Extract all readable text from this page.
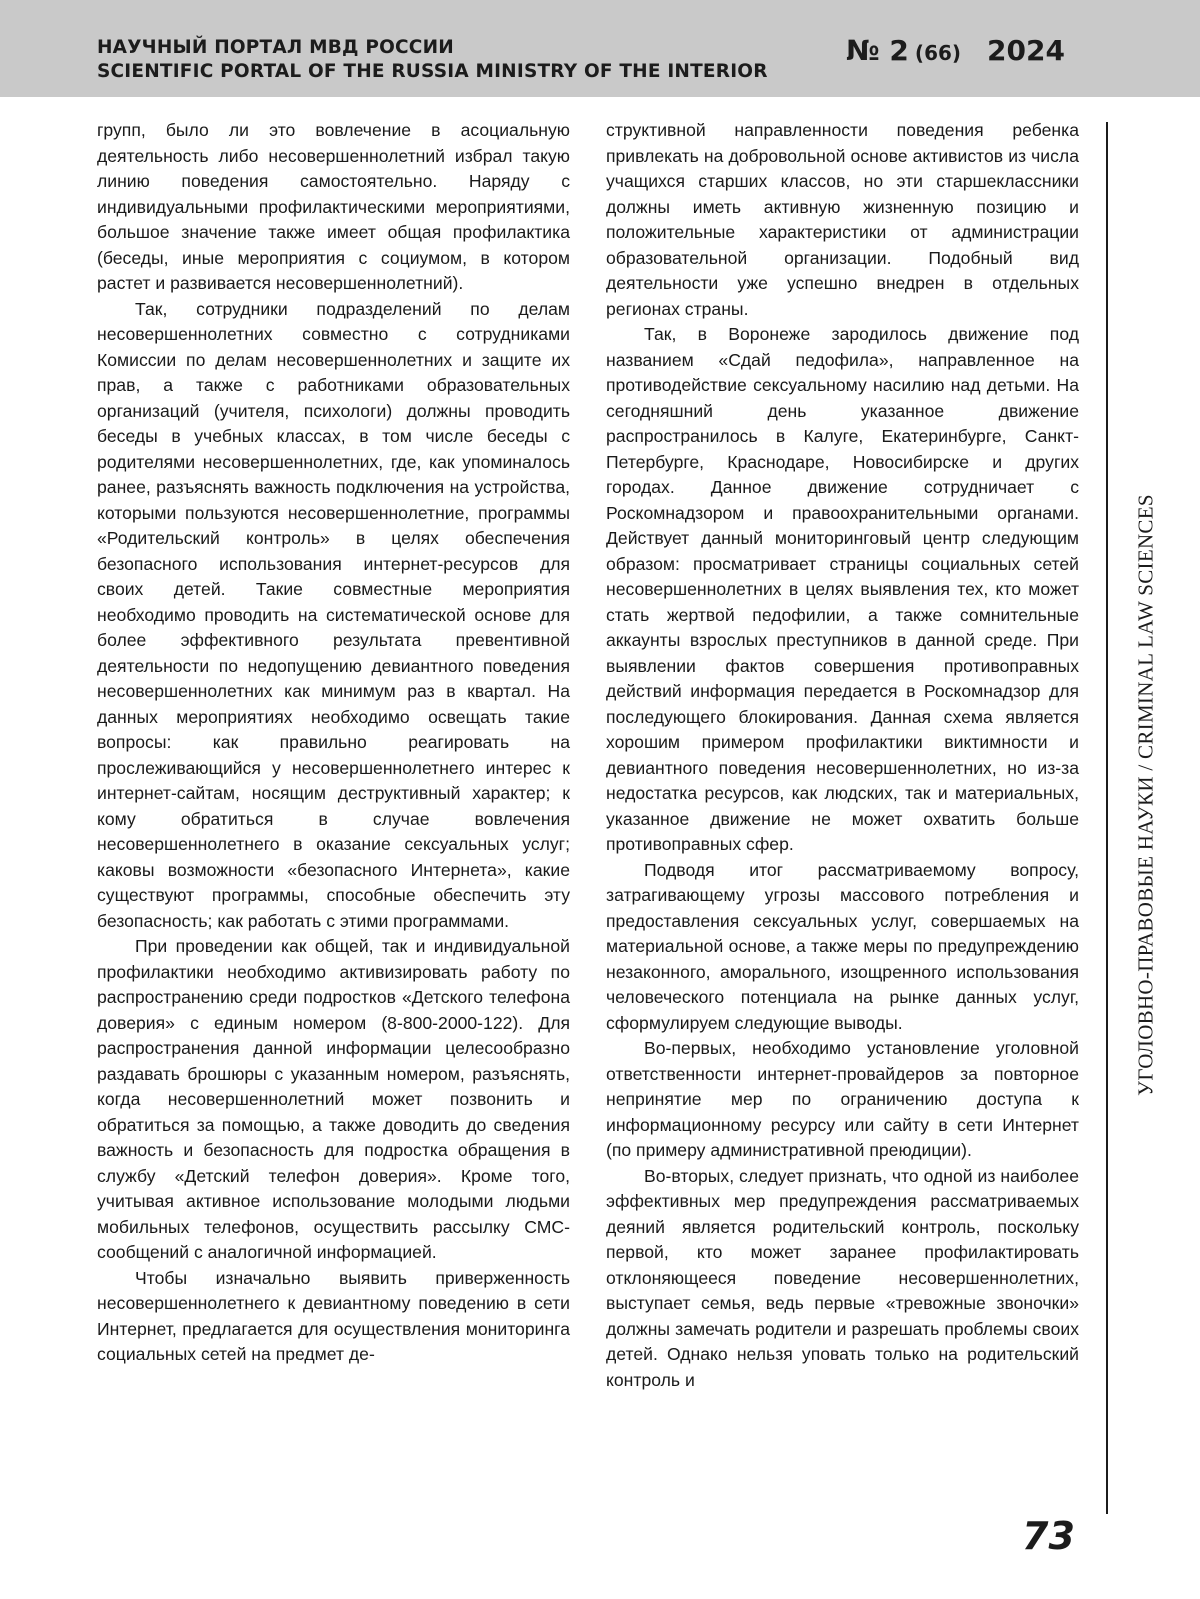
НАУЧНЫЙ ПОРТАЛ МВД РОССИИ
SCIENTIFIC PORTAL OF THE RUSSIA MINISTRY OF THE INTERIOR
№ 2 (66) 2024

групп, было ли это вовлечение в асоциальную деятельность либо несовершеннолетний избрал такую линию поведения самостоятельно. Наряду с индивидуальными профилактическими мероприятиями, большое значение также имеет общая профилактика (беседы, иные мероприятия с социумом, в котором растет и развивается несовершеннолетний).

Так, сотрудники подразделений по делам несовершеннолетних совместно с сотрудниками Комиссии по делам несовершеннолетних и защите их прав, а также с работниками образовательных организаций (учителя, психологи) должны проводить беседы в учебных классах, в том числе беседы с родителями несовершеннолетних, где, как упоминалось ранее, разъяснять важность подключения на устройства, которыми пользуются несовершеннолетние, программы «Родительский контроль» в целях обеспечения безопасного использования интернет-ресурсов для своих детей. Такие совместные мероприятия необходимо проводить на систематической основе для более эффективного результата превентивной деятельности по недопущению девиантного поведения несовершеннолетних как минимум раз в квартал. На данных мероприятиях необходимо освещать такие вопросы: как правильно реагировать на прослеживающийся у несовершеннолетнего интерес к интернет-сайтам, носящим деструктивный характер; к кому обратиться в случае вовлечения несовершеннолетнего в оказание сексуальных услуг; каковы возможности «безопасного Интернета», какие существуют программы, способные обеспечить эту безопасность; как работать с этими программами.

При проведении как общей, так и индивидуальной профилактики необходимо активизировать работу по распространению среди подростков «Детского телефона доверия» с единым номером (8-800-2000-122). Для распространения данной информации целесообразно раздавать брошюры с указанным номером, разъяснять, когда несовершеннолетний может позвонить и обратиться за помощью, а также доводить до сведения важность и безопасность для подростка обращения в службу «Детский телефон доверия». Кроме того, учитывая активное использование молодыми людьми мобильных телефонов, осуществить рассылку СМС-сообщений с аналогичной информацией.

Чтобы изначально выявить приверженность несовершеннолетнего к девиантному поведению в сети Интернет, предлагается для осуществления мониторинга социальных сетей на предмет де-

структивной направленности поведения ребенка привлекать на добровольной основе активистов из числа учащихся старших классов, но эти старшеклассники должны иметь активную жизненную позицию и положительные характеристики от администрации образовательной организации. Подобный вид деятельности уже успешно внедрен в отдельных регионах страны.

Так, в Воронеже зародилось движение под названием «Сдай педофила», направленное на противодействие сексуальному насилию над детьми. На сегодняшний день указанное движение распространилось в Калуге, Екатеринбурге, Санкт-Петербурге, Краснодаре, Новосибирске и других городах. Данное движение сотрудничает с Роскомнадзором и правоохранительными органами. Действует данный мониторинговый центр следующим образом: просматривает страницы социальных сетей несовершеннолетних в целях выявления тех, кто может стать жертвой педофилии, а также сомнительные аккаунты взрослых преступников в данной среде. При выявлении фактов совершения противоправных действий информация передается в Роскомнадзор для последующего блокирования. Данная схема является хорошим примером профилактики виктимности и девиантного поведения несовершеннолетних, но из-за недостатка ресурсов, как людских, так и материальных, указанное движение не может охватить больше противоправных сфер.

Подводя итог рассматриваемому вопросу, затрагивающему угрозы массового потребления и предоставления сексуальных услуг, совершаемых на материальной основе, а также меры по предупреждению незаконного, аморального, изощренного использования человеческого потенциала на рынке данных услуг, сформулируем следующие выводы.

Во-первых, необходимо установление уголовной ответственности интернет-провайдеров за повторное непринятие мер по ограничению доступа к информационному ресурсу или сайту в сети Интернет (по примеру административной преюдиции).

Во-вторых, следует признать, что одной из наиболее эффективных мер предупреждения рассматриваемых деяний является родительский контроль, поскольку первой, кто может заранее профилактировать отклоняющееся поведение несовершеннолетних, выступает семья, ведь первые «тревожные звоночки» должны замечать родители и разрешать проблемы своих детей. Однако нельзя уповать только на родительский контроль и

УГОЛОВНО-ПРАВОВЫЕ НАУКИ / CRIMINAL LAW SCIENCES
73
